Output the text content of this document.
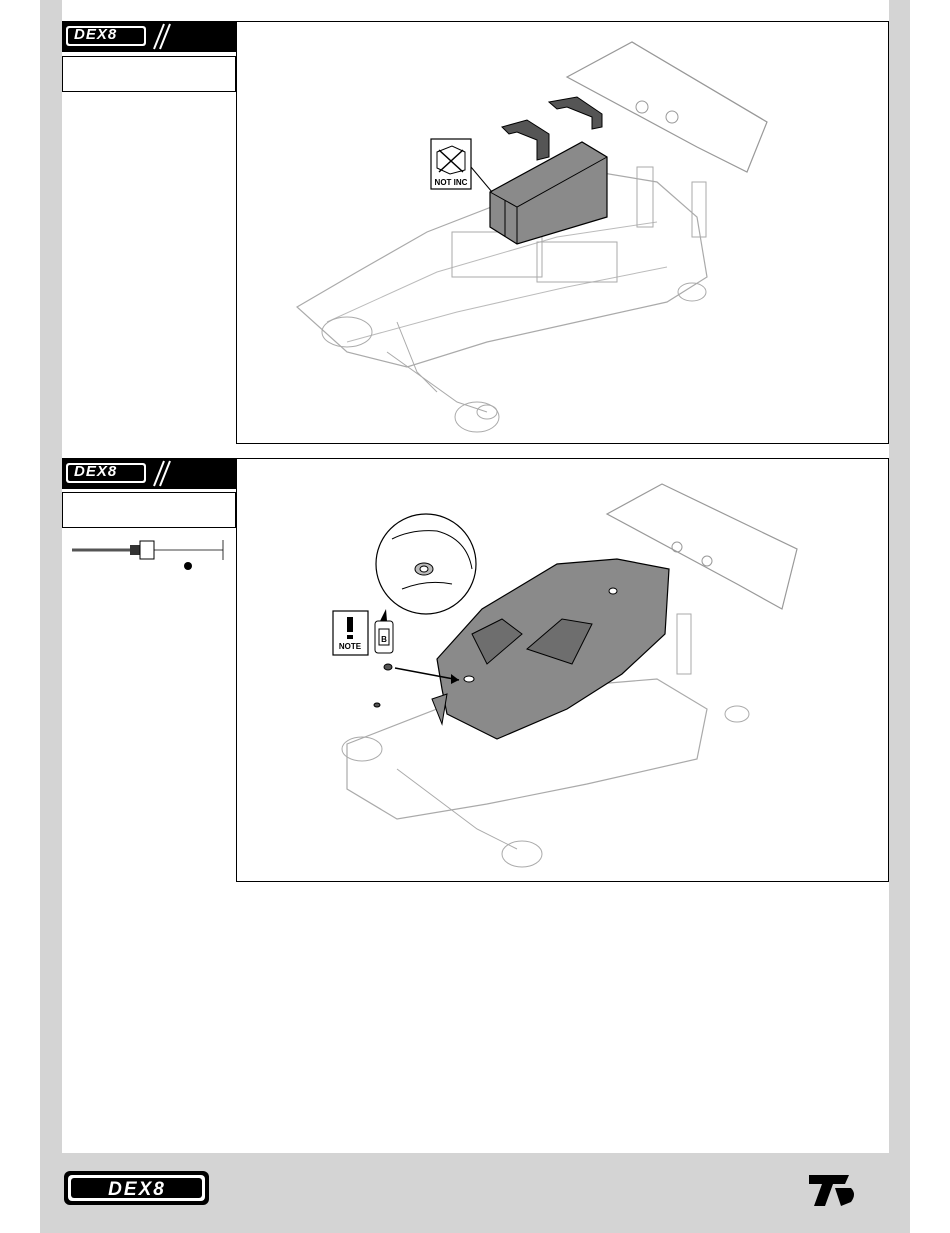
DEX8
NOT INC
DEX8
NOTE
B
DEX8
